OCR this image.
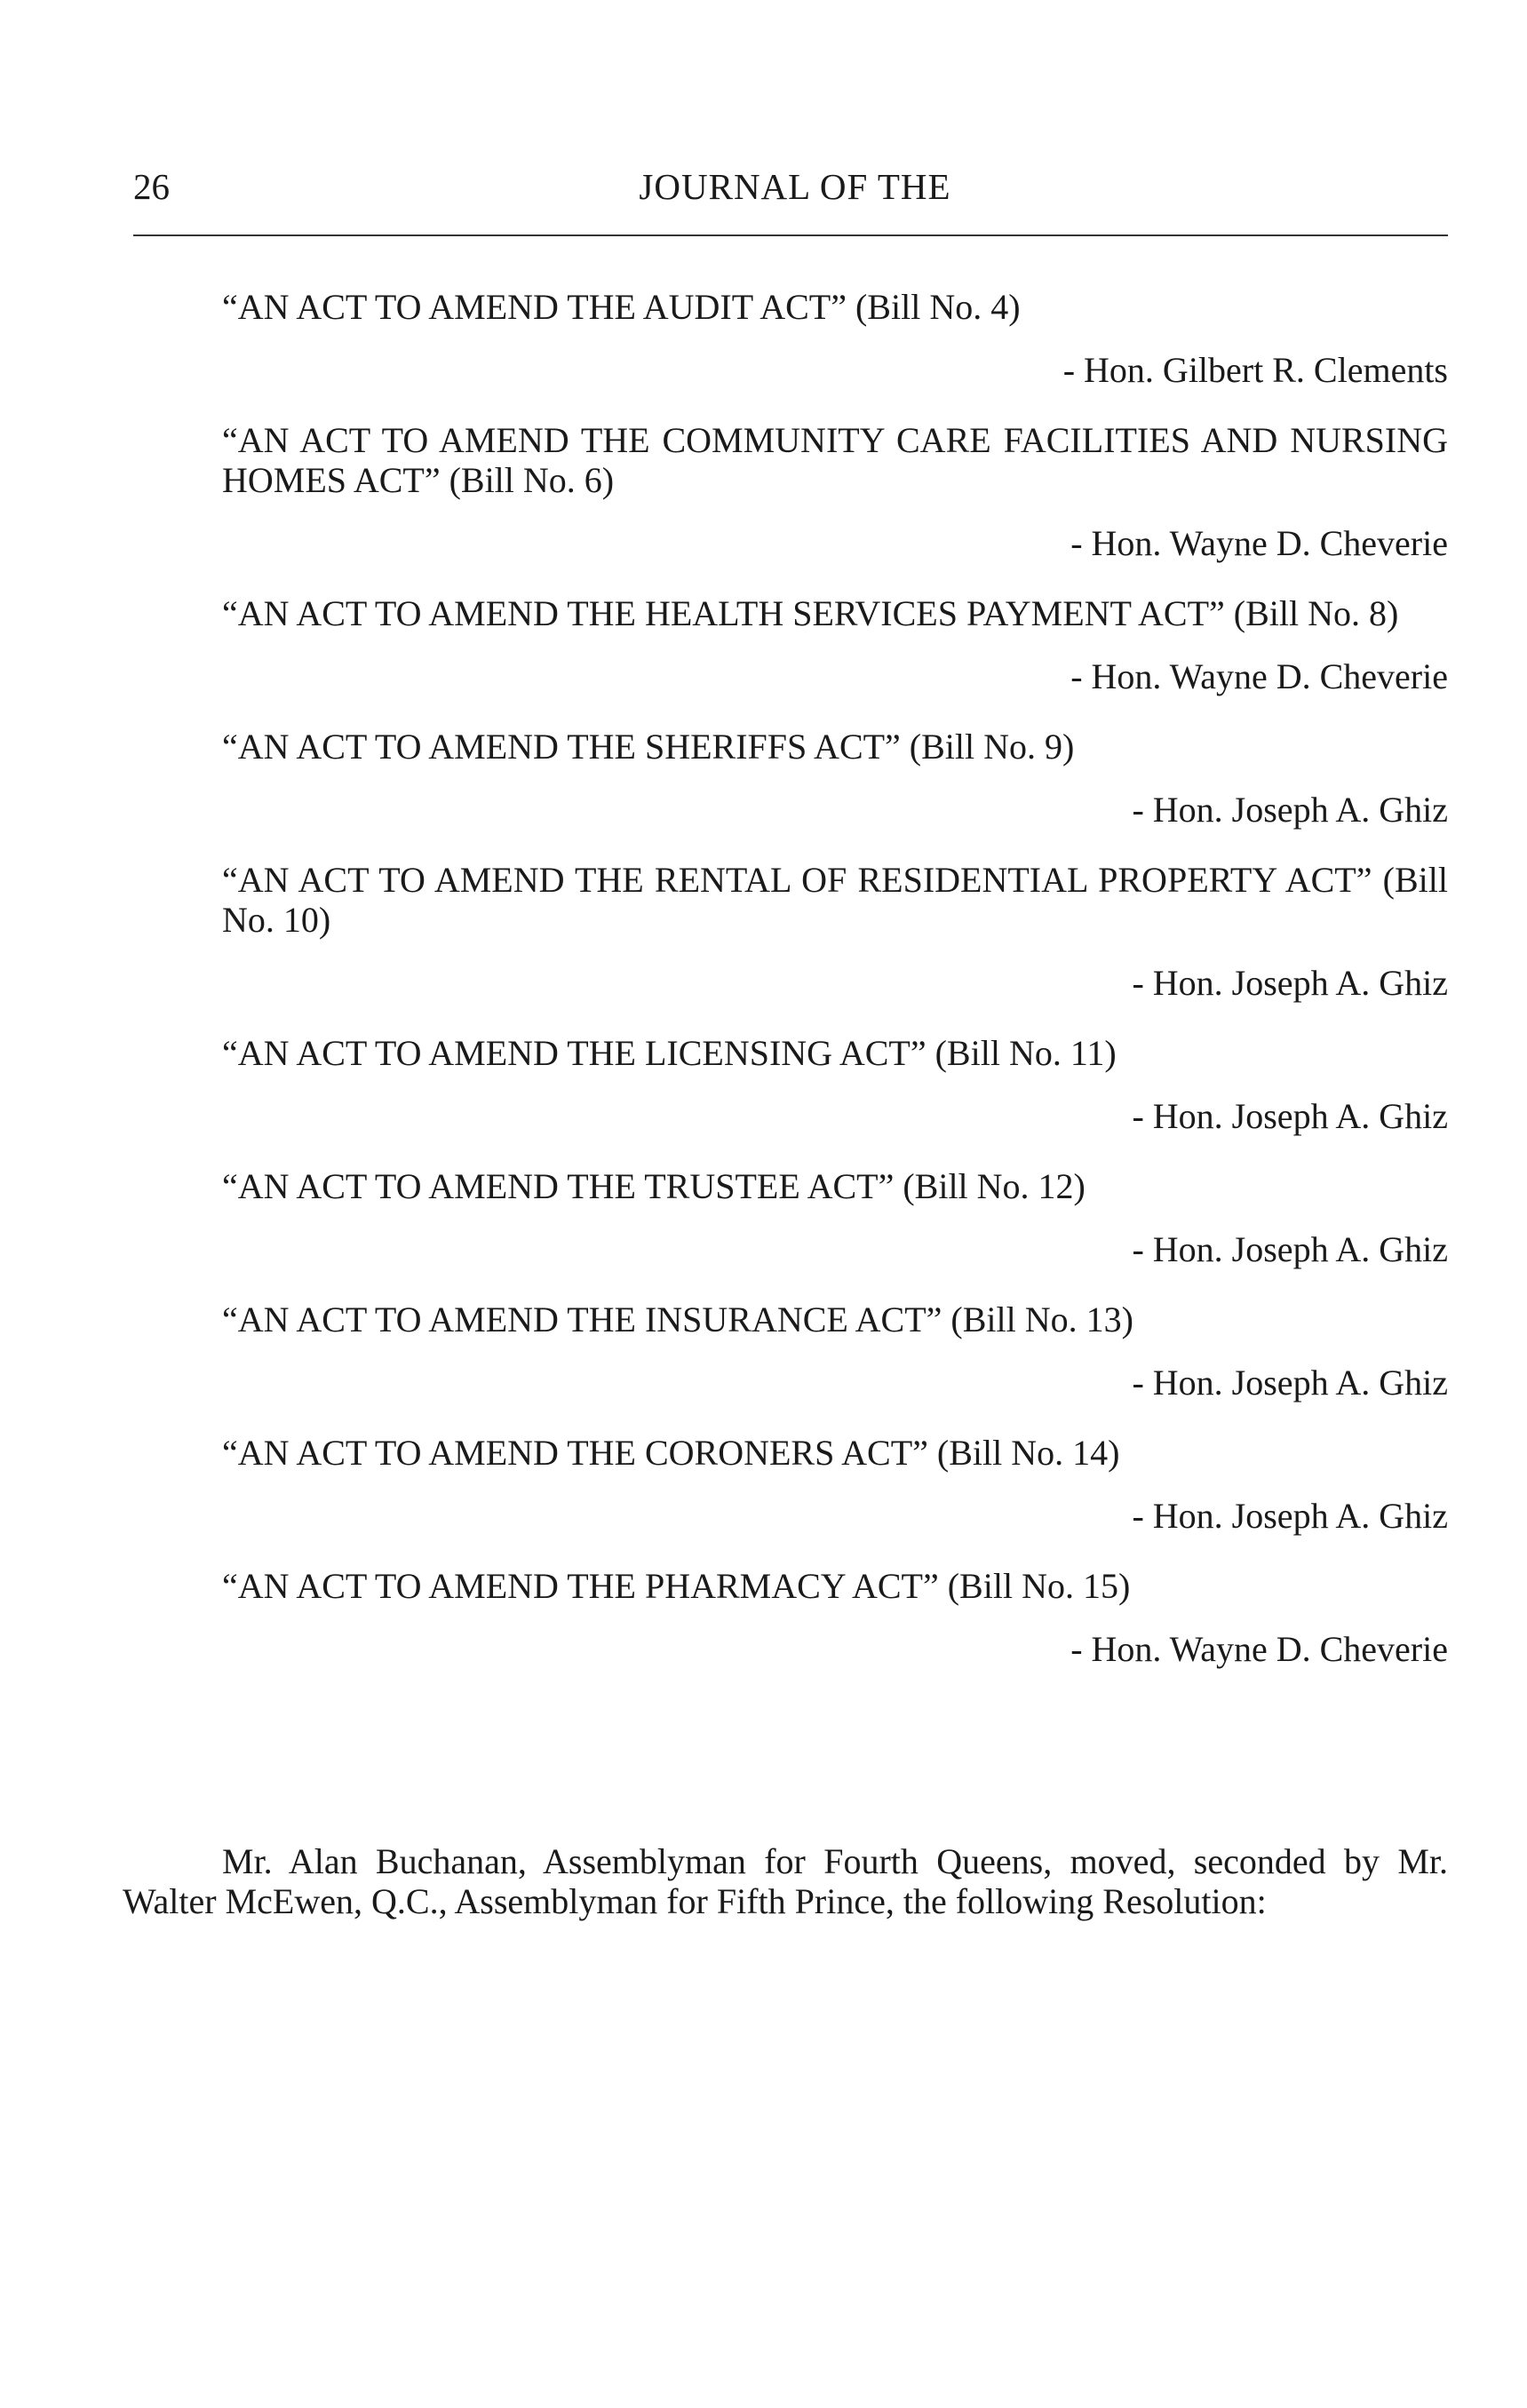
26	JOURNAL OF THE

“AN ACT TO AMEND THE AUDIT ACT” (Bill No. 4)

- Hon. Gilbert R. Clements

“AN ACT TO AMEND THE COMMUNITY CARE FACILITIES AND NURSING HOMES ACT” (Bill No. 6)

- Hon. Wayne D. Cheverie

“AN ACT TO AMEND THE HEALTH SERVICES PAYMENT ACT” (Bill No. 8)

- Hon. Wayne D. Cheverie

“AN ACT TO AMEND THE SHERIFFS ACT” (Bill No. 9)

- Hon. Joseph A. Ghiz

“AN ACT TO AMEND THE RENTAL OF RESIDENTIAL PROPERTY ACT” (Bill No. 10)

- Hon. Joseph A. Ghiz

“AN ACT TO AMEND THE LICENSING ACT” (Bill No. 11)

- Hon. Joseph A. Ghiz

“AN ACT TO AMEND THE TRUSTEE ACT” (Bill No. 12)

- Hon. Joseph A. Ghiz

“AN ACT TO AMEND THE INSURANCE ACT” (Bill No. 13)

- Hon. Joseph A. Ghiz

“AN ACT TO AMEND THE CORONERS ACT” (Bill No. 14)

- Hon. Joseph A. Ghiz

“AN ACT TO AMEND THE PHARMACY ACT” (Bill No. 15)

- Hon. Wayne D. Cheverie

Mr. Alan Buchanan, Assemblyman for Fourth Queens, moved, seconded by Mr. Walter McEwen, Q.C., Assemblyman for Fifth Prince, the following Resolution:
